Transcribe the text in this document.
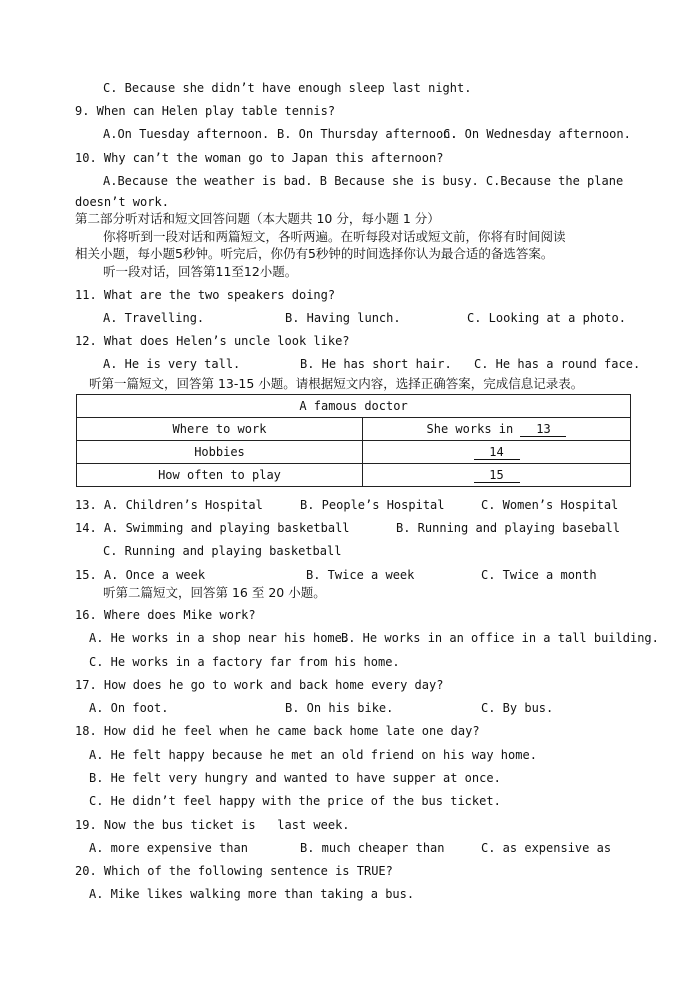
C. Because she didn’t have enough sleep last night.
9. When can Helen play table tennis?
A.On Tuesday afternoon. B. On Thursday afternoon.
C. On Wednesday afternoon.
10. Why can’t the woman go to Japan this afternoon?
A.Because the weather is bad. B Because she is busy. C.Because the plane
doesn’t work.
第二部分听对话和短文回答问题（本大题共 10 分，每小题 1 分）
你将听到一段对话和两篇短文，各听两遍。在听每段对话或短文前，你将有时间阅读
相关小题，每小题5秒钟。听完后，你仍有5秒钟的时间选择你认为最合适的备选答案。
听一段对话，回答第11至12小题。
11. What are the two speakers doing?
A. Travelling.	B. Having lunch.	C. Looking at a photo.
12. What does Helen’s uncle look like?
A. He is very tall.	B. He has short hair. C. He has a round face.
听第一篇短文，回答第 13-15 小题。请根据短文内容，选择正确答案，完成信息记录表。
A famous doctor	
Where to work	She works in 13
Hobbies	14
How often to play	15
13. A. Children’s Hospital	B. People’s Hospital	C. Women’s Hospital
14. A. Swimming and playing basketball	B. Running and playing baseball
C. Running and playing basketball
15. A. Once a week	B. Twice a week	C. Twice a month
听第二篇短文，回答第 16 至 20 小题。
16. Where does Mike work?
A. He works in a shop near his home.
B. He works in an office in a tall building.
C. He works in a factory far from his home.
17. How does he go to work and back home every day?
A. On foot.	B. On his bike.	C. By bus.
18. How did he feel when he came back home late one day?
A. He felt happy because he met an old friend on his way home.
B. He felt very hungry and wanted to have supper at once.
C. He didn’t feel happy with the price of the bus ticket.
19. Now the bus ticket is   last week.
A. more expensive than	B. much cheaper than	C. as expensive as
20. Which of the following sentence is TRUE?
A. Mike likes walking more than taking a bus.
